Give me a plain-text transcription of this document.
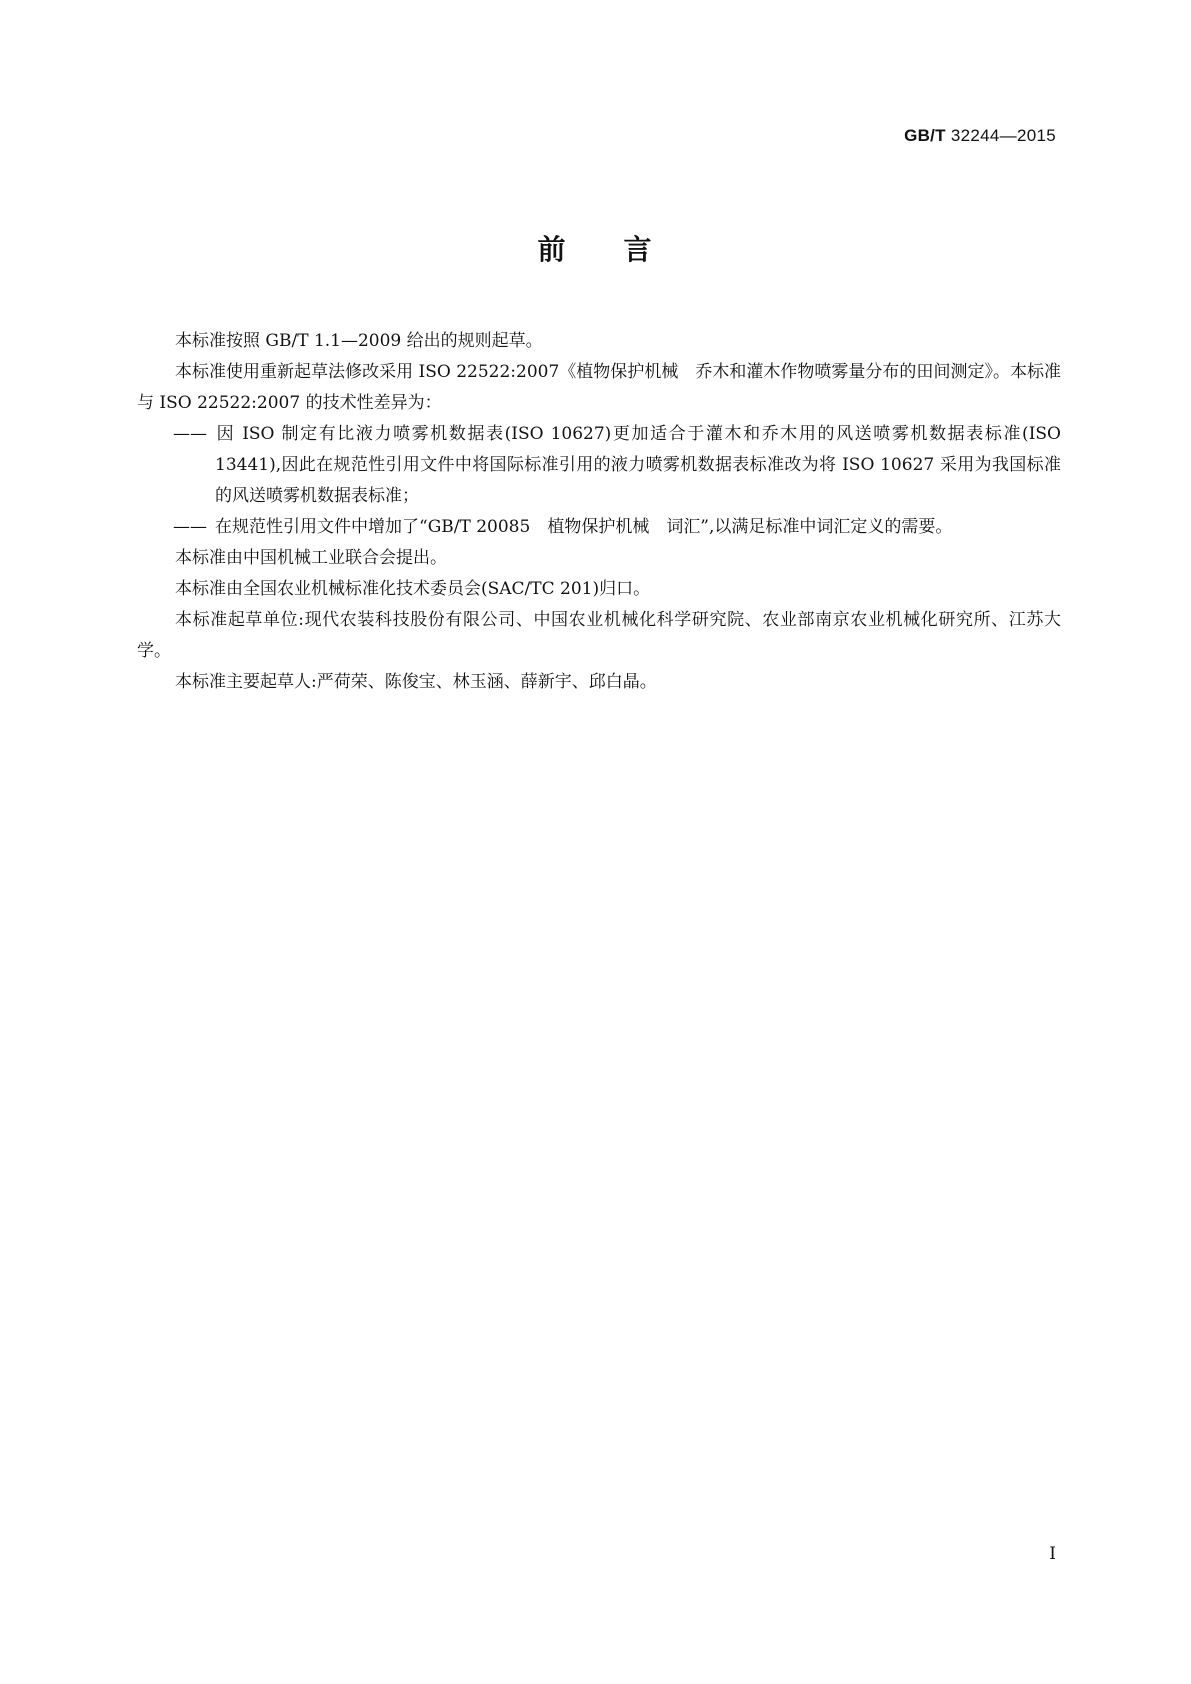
GB/T 32244—2015
前 言

本标准按照 GB/T 1.1—2009 给出的规则起草。

本标准使用重新起草法修改采用 ISO 22522:2007《植物保护机械　乔木和灌木作物喷雾量分布的田间测定》。本标准与 ISO 22522:2007 的技术性差异为：

—— 因 ISO 制定有比液力喷雾机数据表(ISO 10627)更加适合于灌木和乔木用的风送喷雾机数据表标准(ISO 13441),因此在规范性引用文件中将国际标准引用的液力喷雾机数据表标准改为将 ISO 10627 采用为我国标准的风送喷雾机数据表标准；

—— 在规范性引用文件中增加了“GB/T 20085　植物保护机械　词汇”,以满足标准中词汇定义的需要。

本标准由中国机械工业联合会提出。

本标准由全国农业机械标准化技术委员会(SAC/TC 201)归口。

本标准起草单位:现代农装科技股份有限公司、中国农业机械化科学研究院、农业部南京农业机械化研究所、江苏大学。

本标准主要起草人:严荷荣、陈俊宝、林玉涵、薛新宇、邱白晶。

I
